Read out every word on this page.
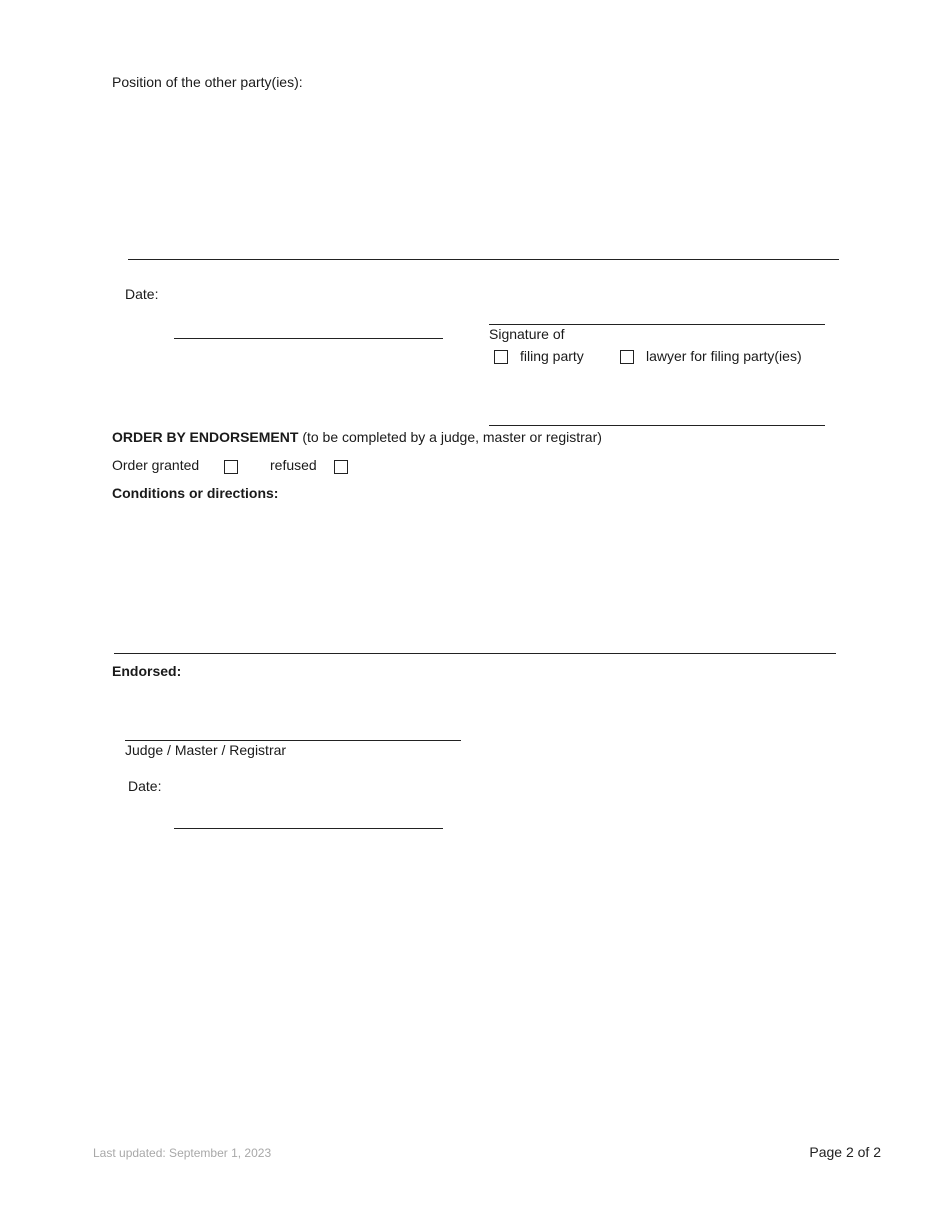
Position of the other party(ies):
Date:
Signature of
filing party	lawyer for filing party(ies)
ORDER BY ENDORSEMENT (to be completed by a judge, master or registrar)
Order granted	refused
Conditions or directions:
Endorsed:
Judge / Master / Registrar
Date:
Last updated: September 1, 2023	Page 2 of 2
